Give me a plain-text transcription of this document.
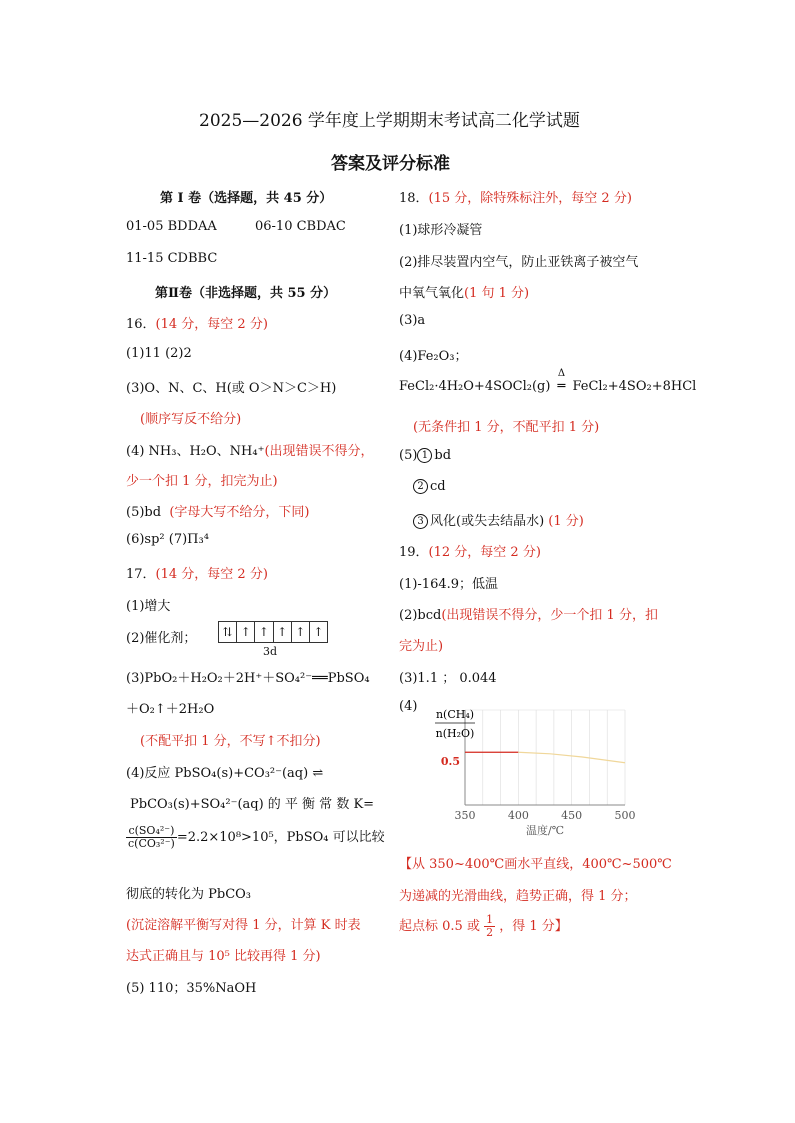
2025—2026 学年度上学期期末考试高二化学试题
答案及评分标准
第 I 卷（选择题，共 45 分）
01-05 BDDAA	06-10 CBDAC
11-15 CDBBC
第Ⅱ卷（非选择题，共 55 分）
16．(14 分，每空 2 分)
(1)11 (2)2
(3)O、N、C、H(或 O＞N＞C＞H)
(顺序写反不给分)
(4) NH₃、H₂O、NH₄⁺(出现错误不得分，
少一个扣 1 分，扣完为止)
(5)bd (字母大写不给分，下同)
(6)sp² (7)Π₃⁴
17．(14 分，每空 2 分)
(1)增大
(2)催化剂； ⇅ ↑ ↑ ↑ ↑ ↑
3d
(3)PbO₂＋H₂O₂＋2H⁺＋SO₄²⁻══PbSO₄
＋O₂↑＋2H₂O
(不配平扣 1 分，不写↑不扣分)
(4)反应 PbSO₄(s)+CO₃²⁻(aq) ⇌
PbCO₃(s)+SO₄²⁻(aq) 的 平 衡 常 数 K=
$\frac{\text{c(SO₄²⁻)}}{\text{c(CO₃²⁻)}} =2.2\times 10^8>10^5$，PbSO₄ 可以比较
彻底的转化为 PbCO₃
(沉淀溶解平衡写对得 1 分，计算 K 时表
达式正确且与 10⁵ 比较再得 1 分)
(5) 110；35%NaOH
18．(15 分，除特殊标注外，每空 2 分)
(1)球形冷凝管
(2)排尽装置内空气，防止亚铁离子被空气
中氧气氧化(1 句 1 分)
(3)a
(4)Fe₂O₃；
FeCl₂·4H₂O+4SOCl₂(g)
Δ
═ FeCl₂+4SO₂+8HCl
(无条件扣 1 分，不配平扣 1 分)
(5) 1 bd
2 cd
3 风化(或失去结晶水) (1 分)
19．(12 分，每空 2 分)
(1)-164.9；低温
(2)bcd(出现错误不得分，少一个扣 1 分，扣
完为止)
(3)1.1 ； 0.044
(4)
n(CH₄)
n(H₂O)
0.5
350	400	450	500
温度/℃
【从 350~400℃画水平直线，400℃~500℃
为递减的光滑曲线，趋势正确，得 1 分；
起点标 0.5 或 $\frac{1}{2}$ ，得 1 分】
